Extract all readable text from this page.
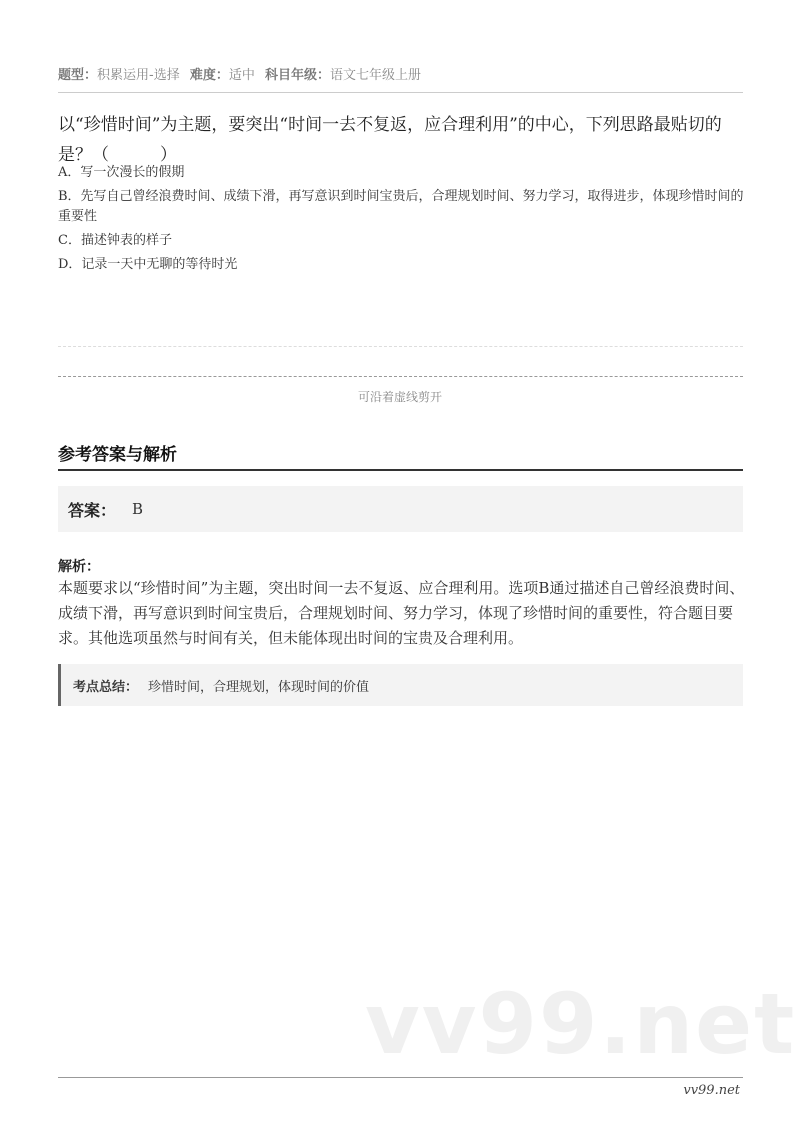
题型：积累运用-选择 难度：适中 科目年级：语文七年级上册
以“珍惜时间”为主题，要突出“时间一去不复返，应合理利用”的中心，下列思路最贴切的是？（　　　）
A．写一次漫长的假期
B．先写自己曾经浪费时间、成绩下滑，再写意识到时间宝贵后，合理规划时间、努力学习，取得进步，体现珍惜时间的重要性
C．描述钟表的样子
D．记录一天中无聊的等待时光
可沿着虚线剪开
参考答案与解析
答案： B
解析：
本题要求以“珍惜时间”为主题，突出时间一去不复返、应合理利用。选项B通过描述自己曾经浪费时间、成绩下滑，再写意识到时间宝贵后，合理规划时间、努力学习，体现了珍惜时间的重要性，符合题目要求。其他选项虽然与时间有关，但未能体现出时间的宝贵及合理利用。
考点总结： 珍惜时间，合理规划，体现时间的价值
vv99.net
vv99.net
